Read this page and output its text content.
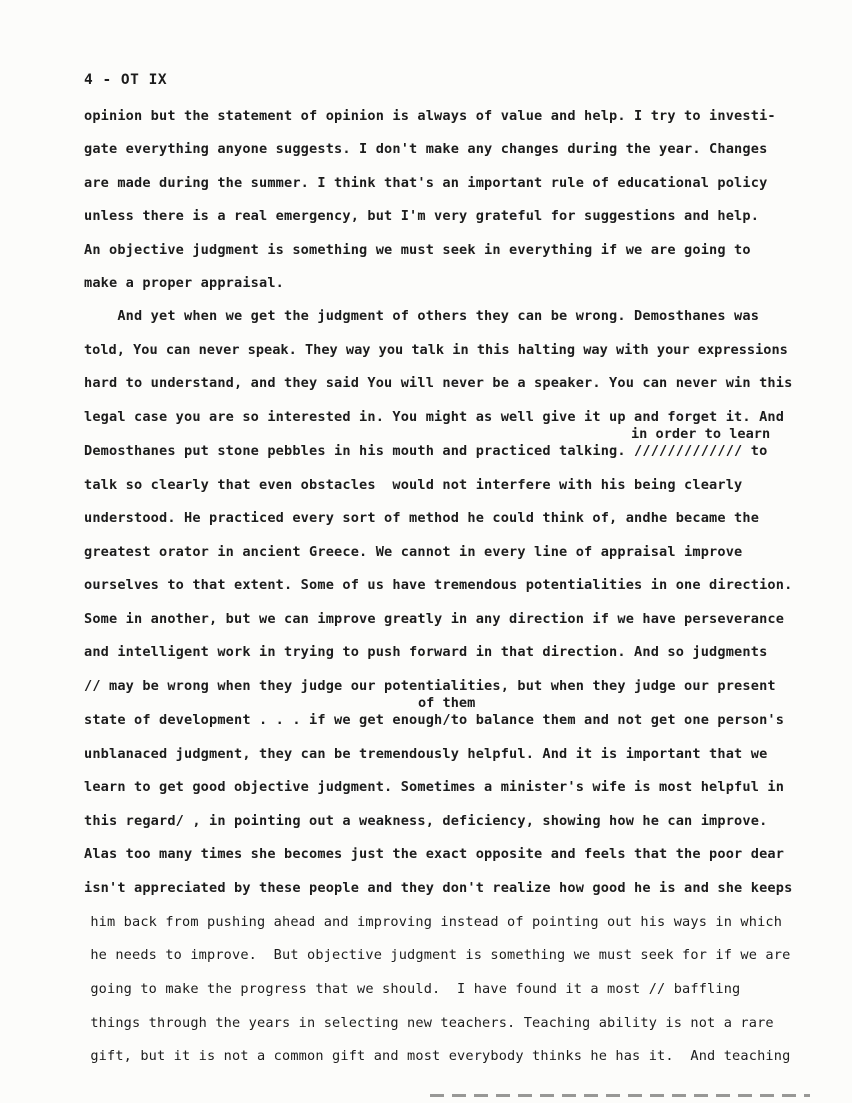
4 - OT IX
opinion but the statement of opinion is always of value and help. I try to investi-
gate everything anyone suggests. I don't make any changes during the year. Changes
are made during the summer. I think that's an important rule of educational policy
unless there is a real emergency, but I'm very grateful for suggestions and help.
An objective judgment is something we must seek in everything if we are going to
make a proper appraisal.
And yet when we get the judgment of others they can be wrong. Demosthanes was
told, You can never speak. They way you talk in this halting way with your expressions
hard to understand, and they said You will never be a speaker. You can never win this
legal case you are so interested in. You might as well give it up and forget it. And
in order to learn
Demosthanes put stone pebbles in his mouth and practiced talking. ///////////// to
talk so clearly that even obstacles  would not interfere with his being clearly
understood. He practiced every sort of method he could think of, andhe became the
greatest orator in ancient Greece. We cannot in every line of appraisal improve
ourselves to that extent. Some of us have tremendous potentialities in one direction.
Some in another, but we can improve greatly in any direction if we have perseverance
and intelligent work in trying to push forward in that direction. And so judgments
// may be wrong when they judge our potentialities, but when they judge our present
of them
state of development . . . if we get enough/to balance them and not get one person's
unblanaced judgment, they can be tremendously helpful. And it is important that we
learn to get good objective judgment. Sometimes a minister's wife is most helpful in
this regard/ , in pointing out a weakness, deficiency, showing how he can improve.
Alas too many times she becomes just the exact opposite and feels that the poor dear
isn't appreciated by these people and they don't realize how good he is and she keeps
him back from pushing ahead and improving instead of pointing out his ways in which
he needs to improve.  But objective judgment is something we must seek for if we are
going to make the progress that we should.  I have found it a most // baffling
things through the years in selecting new teachers. Teaching ability is not a rare
gift, but it is not a common gift and most everybody thinks he has it.  And teaching
